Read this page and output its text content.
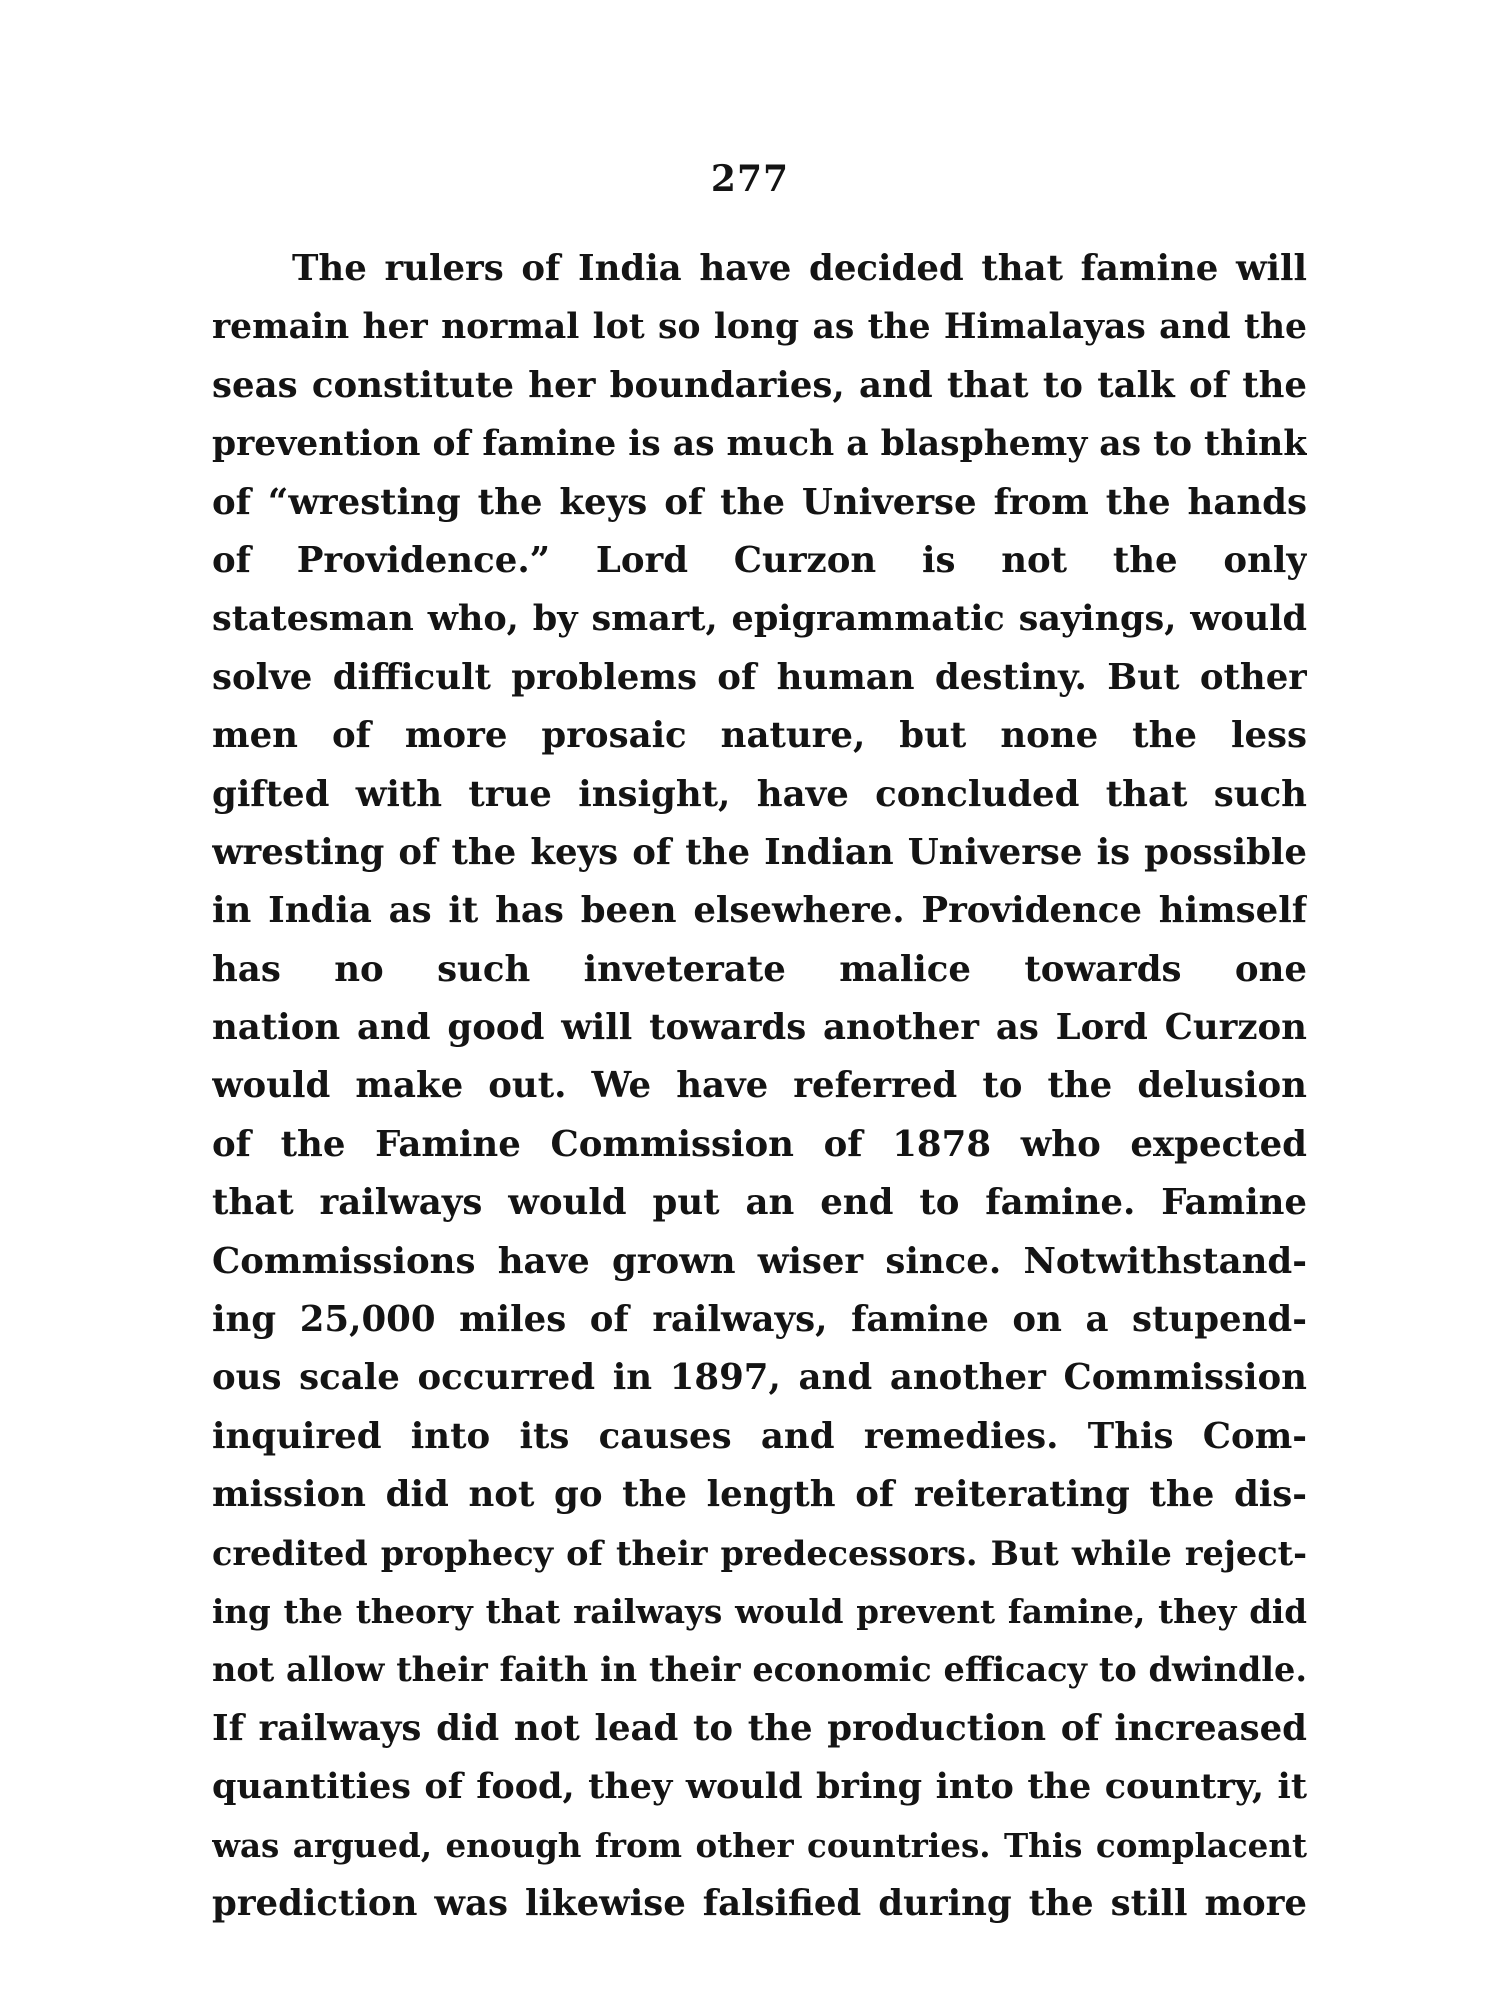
277
The rulers of India have decided that famine will
remain her normal lot so long as the Himalayas and the
seas constitute her boundaries, and that to talk of the
prevention of famine is as much a blasphemy as to think
of “wresting the keys of the Universe from the hands
of Providence.” Lord Curzon is not the only
statesman who, by smart, epigrammatic sayings, would
solve difficult problems of human destiny. But other
men of more prosaic nature, but none the less
gifted with true insight, have concluded that such
wresting of the keys of the Indian Universe is possible
in India as it has been elsewhere. Providence himself
has no such inveterate malice towards one
nation and good will towards another as Lord Curzon
would make out. We have referred to the delusion
of the Famine Commission of 1878 who expected
that railways would put an end to famine. Famine
Commissions have grown wiser since. Notwithstand-
ing 25,000 miles of railways, famine on a stupend-
ous scale occurred in 1897, and another Commission
inquired into its causes and remedies. This Com-
mission did not go the length of reiterating the dis-
credited prophecy of their predecessors. But while reject-
ing the theory that railways would prevent famine, they did
not allow their faith in their economic efficacy to dwindle.
If railways did not lead to the production of increased
quantities of food, they would bring into the country, it
was argued, enough from other countries. This complacent
prediction was likewise falsified during the still more
